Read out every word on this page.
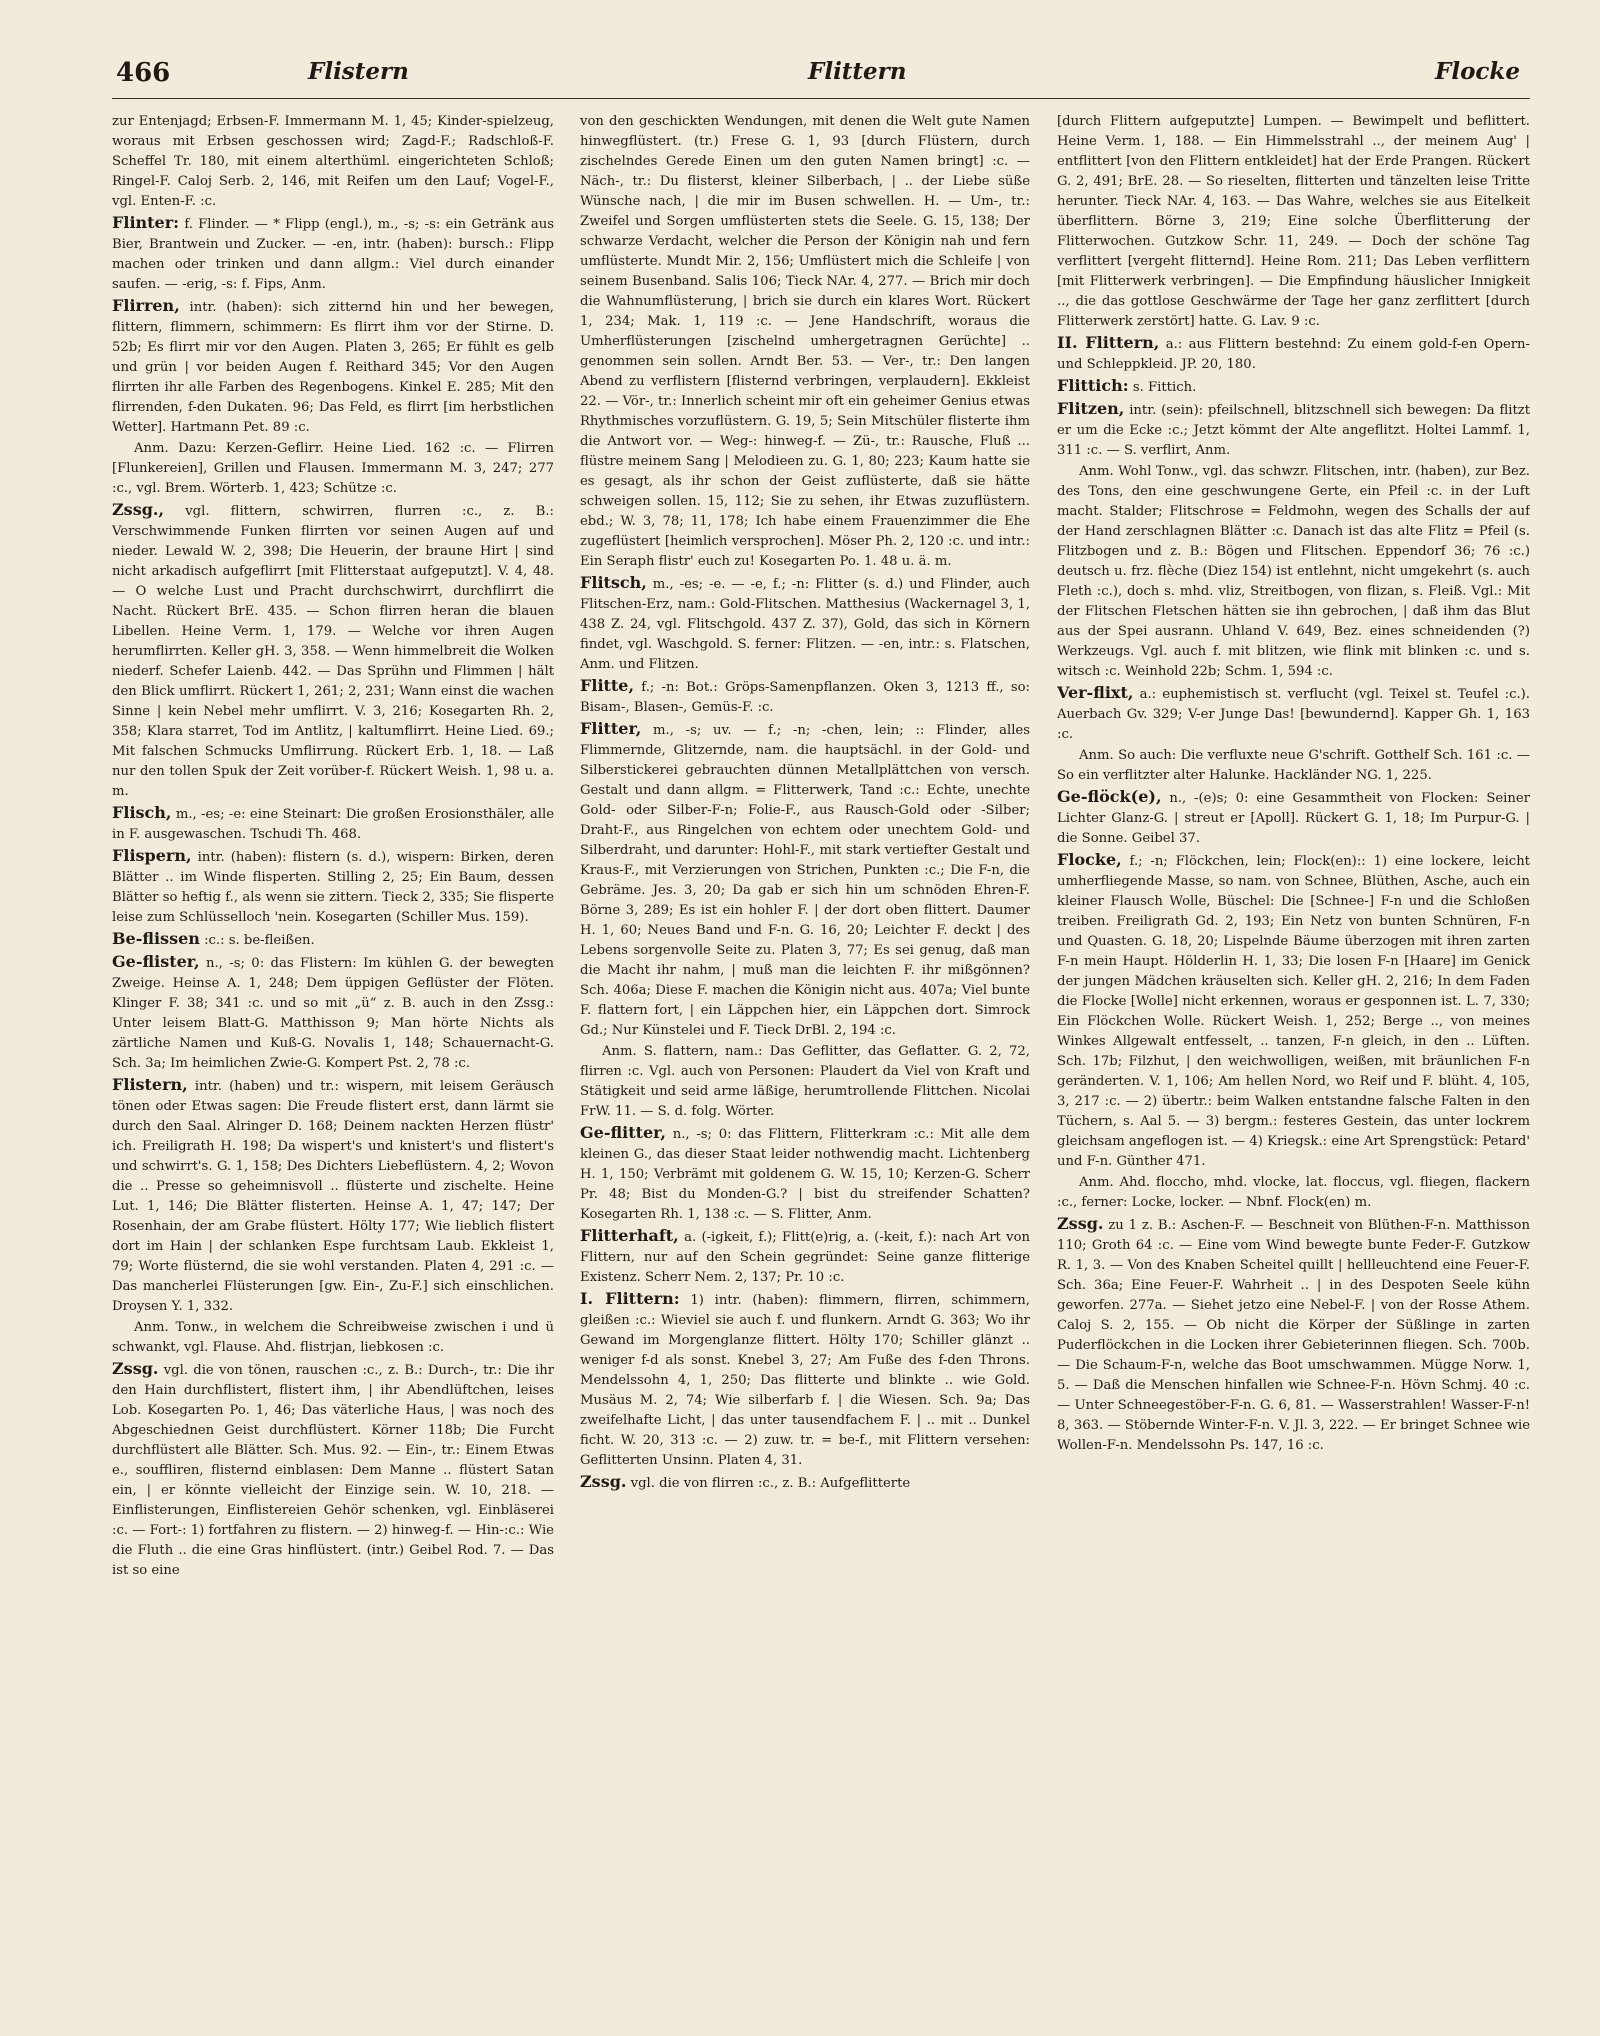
466	Flistern	Flittern	Flocke

zur Entenjagd; Erbsen-F. Immermann M. 1, 45; Kinder-spielzeug, woraus mit Erbsen geschossen wird; Zagd-F.; Radschloß-F. Scheffel Tr. 180, mit einem alterthüml. eingerichteten Schloß; Ringel-F. Caloj Serb. 2, 146, mit Reifen um den Lauf; Vogel-F., vgl. Enten-F. :c.

Flinter: f. Flinder. — * Flipp (engl.), m., -s; -s: ein Getränk aus Bier, Brantwein und Zucker. — -en, intr. (haben): bursch.: Flipp machen oder trinken und dann allgm.: Viel durch einander saufen. — -erig, -s: f. Fips, Anm.

Flirren, intr. (haben): sich zitternd hin und her bewegen, flittern, flimmern, schimmern: Es flirrt ihm vor der Stirne. D. 52b; Es flirrt mir vor den Augen. Platen 3, 265; Er fühlt es gelb und grün | vor beiden Augen f. Reithard 345; Vor den Augen flirrten ihr alle Farben des Regenbogens. Kinkel E. 285; Mit den flirrenden, f-den Dukaten. 96; Das Feld, es flirrt [im herbstlichen Wetter]. Hartmann Pet. 89 :c.

Anm. Dazu: Kerzen-Geflirr. Heine Lied. 162 :c. — Flirren [Flunkereien], Grillen und Flausen. Immermann M. 3, 247; 277 :c., vgl. Brem. Wörterb. 1, 423; Schütze :c.

Zssg., vgl. flittern, schwirren, flurren :c., z. B.: Verschwimmende Funken flirrten vor seinen Augen auf und nieder. Lewald W. 2, 398; Die Heuerin, der braune Hirt | sind nicht arkadisch aufgeflirrt [mit Flitterstaat aufgeputzt]. V. 4, 48. — O welche Lust und Pracht durchschwirrt, durchflirrt die Nacht. Rückert BrE. 435. — Schon flirren heran die blauen Libellen. Heine Verm. 1, 179. — Welche vor ihren Augen herumflirrten. Keller gH. 3, 358. — Wenn himmelbreit die Wolken niederf. Schefer Laienb. 442. — Das Sprühn und Flimmen | hält den Blick umflirrt. Rückert 1, 261; 2, 231; Wann einst die wachen Sinne | kein Nebel mehr umflirrt. V. 3, 216; Kosegarten Rh. 2, 358; Klara starret, Tod im Antlitz, | kaltumflirrt. Heine Lied. 69.; Mit falschen Schmucks Umflirrung. Rückert Erb. 1, 18. — Laß nur den tollen Spuk der Zeit vorüber-f. Rückert Weish. 1, 98 u. a. m.

Flisch, m., -es; -e: eine Steinart: Die großen Erosionsthäler, alle in F. ausgewaschen. Tschudi Th. 468.

Flispern, intr. (haben): flistern (s. d.), wispern: Birken, deren Blätter .. im Winde flisperten. Stilling 2, 25; Ein Baum, dessen Blätter so heftig f., als wenn sie zittern. Tieck 2, 335; Sie flisperte leise zum Schlüsselloch 'nein. Kosegarten (Schiller Mus. 159).

Be-flissen :c.: s. be-fleißen.

Ge-flister, n., -s; 0: das Flistern: Im kühlen G. der bewegten Zweige. Heinse A. 1, 248; Dem üppigen Geflüster der Flöten. Klinger F. 38; 341 :c. und so mit „ü“ z. B. auch in den Zssg.: Unter leisem Blatt-G. Matthisson 9; Man hörte Nichts als zärtliche Namen und Kuß-G. Novalis 1, 148; Schauernacht-G. Sch. 3a; Im heimlichen Zwie-G. Kompert Pst. 2, 78 :c.

Flistern, intr. (haben) und tr.: wispern, mit leisem Geräusch tönen oder Etwas sagen: Die Freude flistert erst, dann lärmt sie durch den Saal. Alringer D. 168; Deinem nackten Herzen flüstr' ich. Freiligrath H. 198; Da wispert's und knistert's und flistert's und schwirrt's. G. 1, 158; Des Dichters Liebeflüstern. 4, 2; Wovon die .. Presse so geheimnisvoll .. flüsterte und zischelte. Heine Lut. 1, 146; Die Blätter flisterten. Heinse A. 1, 47; 147; Der Rosenhain, der am Grabe flüstert. Hölty 177; Wie lieblich flistert dort im Hain | der schlanken Espe furchtsam Laub. Ekkleist 1, 79; Worte flüsternd, die sie wohl verstanden. Platen 4, 291 :c. — Das mancherlei Flüsterungen [gw. Ein-, Zu-F.] sich einschlichen. Droysen Y. 1, 332.

Anm. Tonw., in welchem die Schreibweise zwischen i und ü schwankt, vgl. Flause. Ahd. flistrjan, liebkosen :c.

Zssg. vgl. die von tönen, rauschen :c., z. B.: Durch-, tr.: Die ihr den Hain durchflistert, flistert ihm, | ihr Abendlüftchen, leises Lob. Kosegarten Po. 1, 46; Das väterliche Haus, | was noch des Abgeschiednen Geist durchflüstert. Körner 118b; Die Furcht durchflüstert alle Blätter. Sch. Mus. 92. — Ein-, tr.: Einem Etwas e., souffliren, flisternd einblasen: Dem Manne .. flüstert Satan ein, | er könnte vielleicht der Einzige sein. W. 10, 218. — Einflisterungen, Einflistereien Gehör schenken, vgl. Einbläserei :c. — Fort-: 1) fortfahren zu flistern. — 2) hinweg-f. — Hin-:c.: Wie die Fluth .. die eine Gras hinflüstert. (intr.) Geibel Rod. 7. — Das ist so eine

von den geschickten Wendungen, mit denen die Welt gute Namen hinwegflüstert. (tr.) Frese G. 1, 93 [durch Flüstern, durch zischelndes Gerede Einen um den guten Namen bringt] :c. — Näch-, tr.: Du flisterst, kleiner Silberbach, | .. der Liebe süße Wünsche nach, | die mir im Busen schwellen. H. — Um-, tr.: Zweifel und Sorgen umflüsterten stets die Seele. G. 15, 138; Der schwarze Verdacht, welcher die Person der Königin nah und fern umflüsterte. Mundt Mir. 2, 156; Umflüstert mich die Schleife | von seinem Busenband. Salis 106; Tieck NAr. 4, 277. — Brich mir doch die Wahnumflüsterung, | brich sie durch ein klares Wort. Rückert 1, 234; Mak. 1, 119 :c. — Jene Handschrift, woraus die Umherflüsterungen [zischelnd umhergetragnen Gerüchte] .. genommen sein sollen. Arndt Ber. 53. — Ver-, tr.: Den langen Abend zu verflistern [flisternd verbringen, verplaudern]. Ekkleist 22. — Vör-, tr.: Innerlich scheint mir oft ein geheimer Genius etwas Rhythmisches vorzuflüstern. G. 19, 5; Sein Mitschüler flisterte ihm die Antwort vor. — Weg-: hinweg-f. — Zü-, tr.: Rausche, Fluß ... flüstre meinem Sang | Melodieen zu. G. 1, 80; 223; Kaum hatte sie es gesagt, als ihr schon der Geist zuflüsterte, daß sie hätte schweigen sollen. 15, 112; Sie zu sehen, ihr Etwas zuzuflüstern. ebd.; W. 3, 78; 11, 178; Ich habe einem Frauenzimmer die Ehe zugeflüstert [heimlich versprochen]. Möser Ph. 2, 120 :c. und intr.: Ein Seraph flistr' euch zu! Kosegarten Po. 1. 48 u. ä. m.

Flitsch, m., -es; -e. — -e, f.; -n: Flitter (s. d.) und Flinder, auch Flitschen-Erz, nam.: Gold-Flitschen. Matthesius (Wackernagel 3, 1, 438 Z. 24, vgl. Flitschgold. 437 Z. 37), Gold, das sich in Körnern findet, vgl. Waschgold. S. ferner: Flitzen. — -en, intr.: s. Flatschen, Anm. und Flitzen.

Flitte, f.; -n: Bot.: Gröps-Samenpflanzen. Oken 3, 1213 ff., so: Bisam-, Blasen-, Gemüs-F. :c.

Flitter, m., -s; uv. — f.; -n; -chen, lein; :: Flinder, alles Flimmernde, Glitzernde, nam. die hauptsächl. in der Gold- und Silberstickerei gebrauchten dünnen Metallplättchen von versch. Gestalt und dann allgm. = Flitterwerk, Tand :c.: Echte, unechte Gold- oder Silber-F-n; Folie-F., aus Rausch-Gold oder -Silber; Draht-F., aus Ringelchen von echtem oder unechtem Gold- und Silberdraht, und darunter: Hohl-F., mit stark vertiefter Gestalt und Kraus-F., mit Verzierungen von Strichen, Punkten :c.; Die F-n, die Gebräme. Jes. 3, 20; Da gab er sich hin um schnöden Ehren-F. Börne 3, 289; Es ist ein hohler F. | der dort oben flittert. Daumer H. 1, 60; Neues Band und F-n. G. 16, 20; Leichter F. deckt | des Lebens sorgenvolle Seite zu. Platen 3, 77; Es sei genug, daß man die Macht ihr nahm, | muß man die leichten F. ihr mißgönnen? Sch. 406a; Diese F. machen die Königin nicht aus. 407a; Viel bunte F. flattern fort, | ein Läppchen hier, ein Läppchen dort. Simrock Gd.; Nur Künstelei und F. Tieck DrBl. 2, 194 :c.

Anm. S. flattern, nam.: Das Geflitter, das Geflatter. G. 2, 72, flirren :c. Vgl. auch von Personen: Plaudert da Viel von Kraft und Stätigkeit und seid arme läßige, herumtrollende Flittchen. Nicolai FrW. 11. — S. d. folg. Wörter.

Ge-flitter, n., -s; 0: das Flittern, Flitterkram :c.: Mit alle dem kleinen G., das dieser Staat leider nothwendig macht. Lichtenberg H. 1, 150; Verbrämt mit goldenem G. W. 15, 10; Kerzen-G. Scherr Pr. 48; Bist du Monden-G.? | bist du streifender Schatten? Kosegarten Rh. 1, 138 :c. — S. Flitter, Anm.

Flitterhaft, a. (-igkeit, f.); Flitt(e)rig, a. (-keit, f.): nach Art von Flittern, nur auf den Schein gegründet: Seine ganze flitterige Existenz. Scherr Nem. 2, 137; Pr. 10 :c.

I. Flittern: 1) intr. (haben): flimmern, flirren, schimmern, gleißen :c.: Wieviel sie auch f. und flunkern. Arndt G. 363; Wo ihr Gewand im Morgenglanze flittert. Hölty 170; Schiller glänzt .. weniger f-d als sonst. Knebel 3, 27; Am Fuße des f-den Throns. Mendelssohn 4, 1, 250; Das flitterte und blinkte .. wie Gold. Musäus M. 2, 74; Wie silberfarb f. | die Wiesen. Sch. 9a; Das zweifelhafte Licht, | das unter tausendfachem F. | .. mit .. Dunkel ficht. W. 20, 313 :c. — 2) zuw. tr. = be-f., mit Flittern versehen: Geflitterten Unsinn. Platen 4, 31.

Zssg. vgl. die von flirren :c., z. B.: Aufgeflitterte

[durch Flittern aufgeputzte] Lumpen. — Bewimpelt und beflittert. Heine Verm. 1, 188. — Ein Himmelsstrahl .., der meinem Aug' | entflittert [von den Flittern entkleidet] hat der Erde Prangen. Rückert G. 2, 491; BrE. 28. — So rieselten, flitterten und tänzelten leise Tritte herunter. Tieck NAr. 4, 163. — Das Wahre, welches sie aus Eitelkeit überflittern. Börne 3, 219; Eine solche Überflitterung der Flitterwochen. Gutzkow Schr. 11, 249. — Doch der schöne Tag verflittert [vergeht flitternd]. Heine Rom. 211; Das Leben verflittern [mit Flitterwerk verbringen]. — Die Empfindung häuslicher Innigkeit .., die das gottlose Geschwärme der Tage her ganz zerflittert [durch Flitterwerk zerstört] hatte. G. Lav. 9 :c.

II. Flittern, a.: aus Flittern bestehnd: Zu einem gold-f-en Opern- und Schleppkleid. JP. 20, 180.

Flittich: s. Fittich.

Flitzen, intr. (sein): pfeilschnell, blitzschnell sich bewegen: Da flitzt er um die Ecke :c.; Jetzt kömmt der Alte angeflitzt. Holtei Lammf. 1, 311 :c. — S. verflirt, Anm.

Anm. Wohl Tonw., vgl. das schwzr. Flitschen, intr. (haben), zur Bez. des Tons, den eine geschwungene Gerte, ein Pfeil :c. in der Luft macht. Stalder; Flitschrose = Feldmohn, wegen des Schalls der auf der Hand zerschlagnen Blätter :c. Danach ist das alte Flitz = Pfeil (s. Flitzbogen und z. B.: Bögen und Flitschen. Eppendorf 36; 76 :c.) deutsch u. frz. flèche (Diez 154) ist entlehnt, nicht umgekehrt (s. auch Fleth :c.), doch s. mhd. vliz, Streitbogen, von flizan, s. Fleiß. Vgl.: Mit der Flitschen Fletschen hätten sie ihn gebrochen, | daß ihm das Blut aus der Spei ausrann. Uhland V. 649, Bez. eines schneidenden (?) Werkzeugs. Vgl. auch f. mit blitzen, wie flink mit blinken :c. und s. witsch :c. Weinhold 22b; Schm. 1, 594 :c.

Ver-flixt, a.: euphemistisch st. verflucht (vgl. Teixel st. Teufel :c.). Auerbach Gv. 329; V-er Junge Das! [bewundernd]. Kapper Gh. 1, 163 :c.

Anm. So auch: Die verfluxte neue G'schrift. Gotthelf Sch. 161 :c. — So ein verflitzter alter Halunke. Hackländer NG. 1, 225.

Ge-flöck(e), n., -(e)s; 0: eine Gesammtheit von Flocken: Seiner Lichter Glanz-G. | streut er [Apoll]. Rückert G. 1, 18; Im Purpur-G. | die Sonne. Geibel 37.

Flocke, f.; -n; Flöckchen, lein; Flock(en):: 1) eine lockere, leicht umherfliegende Masse, so nam. von Schnee, Blüthen, Asche, auch ein kleiner Flausch Wolle, Büschel: Die [Schnee-] F-n und die Schloßen treiben. Freiligrath Gd. 2, 193; Ein Netz von bunten Schnüren, F-n und Quasten. G. 18, 20; Lispelnde Bäume überzogen mit ihren zarten F-n mein Haupt. Hölderlin H. 1, 33; Die losen F-n [Haare] im Genick der jungen Mädchen kräuselten sich. Keller gH. 2, 216; In dem Faden die Flocke [Wolle] nicht erkennen, woraus er gesponnen ist. L. 7, 330; Ein Flöckchen Wolle. Rückert Weish. 1, 252; Berge .., von meines Winkes Allgewalt entfesselt, .. tanzen, F-n gleich, in den .. Lüften. Sch. 17b; Filzhut, | den weichwolligen, weißen, mit bräunlichen F-n geränderten. V. 1, 106; Am hellen Nord, wo Reif und F. blüht. 4, 105, 3, 217 :c. — 2) übertr.: beim Walken entstandne falsche Falten in den Tüchern, s. Aal 5. — 3) bergm.: festeres Gestein, das unter lockrem gleichsam angeflogen ist. — 4) Kriegsk.: eine Art Sprengstück: Petard' und F-n. Günther 471.

Anm. Ahd. floccho, mhd. vlocke, lat. floccus, vgl. fliegen, flackern :c., ferner: Locke, locker. — Nbnf. Flock(en) m.

Zssg. zu 1 z. B.: Aschen-F. — Beschneit von Blüthen-F-n. Matthisson 110; Groth 64 :c. — Eine vom Wind bewegte bunte Feder-F. Gutzkow R. 1, 3. — Von des Knaben Scheitel quillt | hellleuchtend eine Feuer-F. Sch. 36a; Eine Feuer-F. Wahrheit .. | in des Despoten Seele kühn geworfen. 277a. — Siehet jetzo eine Nebel-F. | von der Rosse Athem. Caloj S. 2, 155. — Ob nicht die Körper der Süßlinge in zarten Puderflöckchen in die Locken ihrer Gebieterinnen fliegen. Sch. 700b. — Die Schaum-F-n, welche das Boot umschwammen. Mügge Norw. 1, 5. — Daß die Menschen hinfallen wie Schnee-F-n. Hövn Schmj. 40 :c. — Unter Schneegestöber-F-n. G. 6, 81. — Wasserstrahlen! Wasser-F-n! 8, 363. — Stöbernde Winter-F-n. V. Jl. 3, 222. — Er bringet Schnee wie Wollen-F-n. Mendelssohn Ps. 147, 16 :c.
